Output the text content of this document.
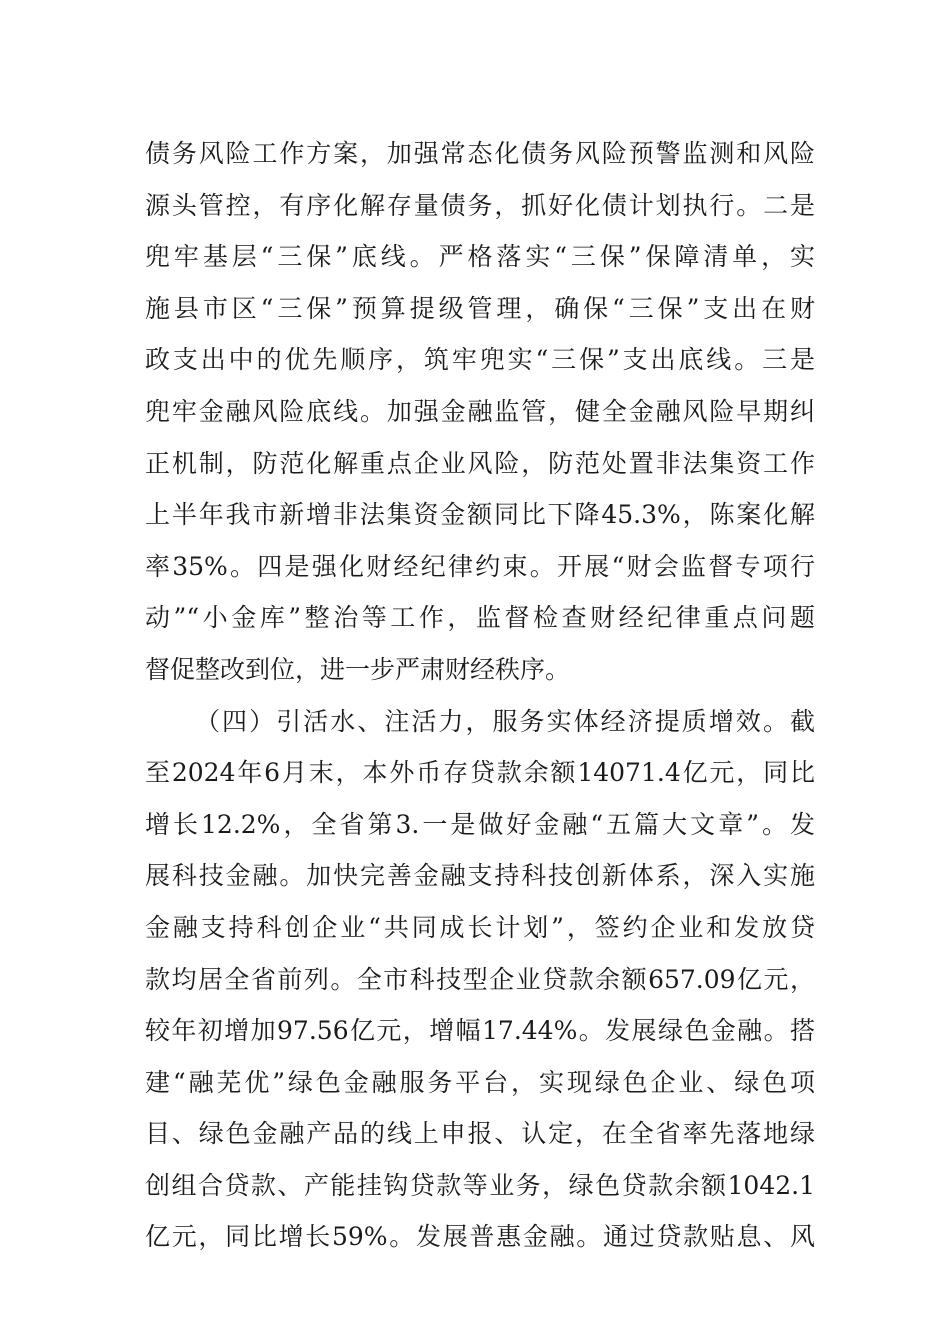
债务风险工作方案，加强常态化债务风险预警监测和风险
源头管控，有序化解存量债务，抓好化债计划执行。二是
兜牢基层“三保”底线。严格落实“三保”保障清单，实
施县市区“三保”预算提级管理，确保“三保”支出在财
政支出中的优先顺序，筑牢兜实“三保”支出底线。三是
兜牢金融风险底线。加强金融监管，健全金融风险早期纠
正机制，防范化解重点企业风险，防范处置非法集资工作
上半年我市新增非法集资金额同比下降45.3%，陈案化解
率35%。四是强化财经纪律约束。开展“财会监督专项行
动”“小金库”整治等工作，监督检查财经纪律重点问题
督促整改到位，进一步严肃财经秩序。
（四）引活水、注活力，服务实体经济提质增效。截
至2024年6月末，本外币存贷款余额14071.4亿元，同比
增长12.2%，全省第3.一是做好金融“五篇大文章”。发
展科技金融。加快完善金融支持科技创新体系，深入实施
金融支持科创企业“共同成长计划”，签约企业和发放贷
款均居全省前列。全市科技型企业贷款余额657.09亿元，
较年初增加97.56亿元，增幅17.44%。发展绿色金融。搭
建“融芜优”绿色金融服务平台，实现绿色企业、绿色项
目、绿色金融产品的线上申报、认定，在全省率先落地绿
创组合贷款、产能挂钩贷款等业务，绿色贷款余额1042.1
亿元，同比增长59%。发展普惠金融。通过贷款贴息、风
